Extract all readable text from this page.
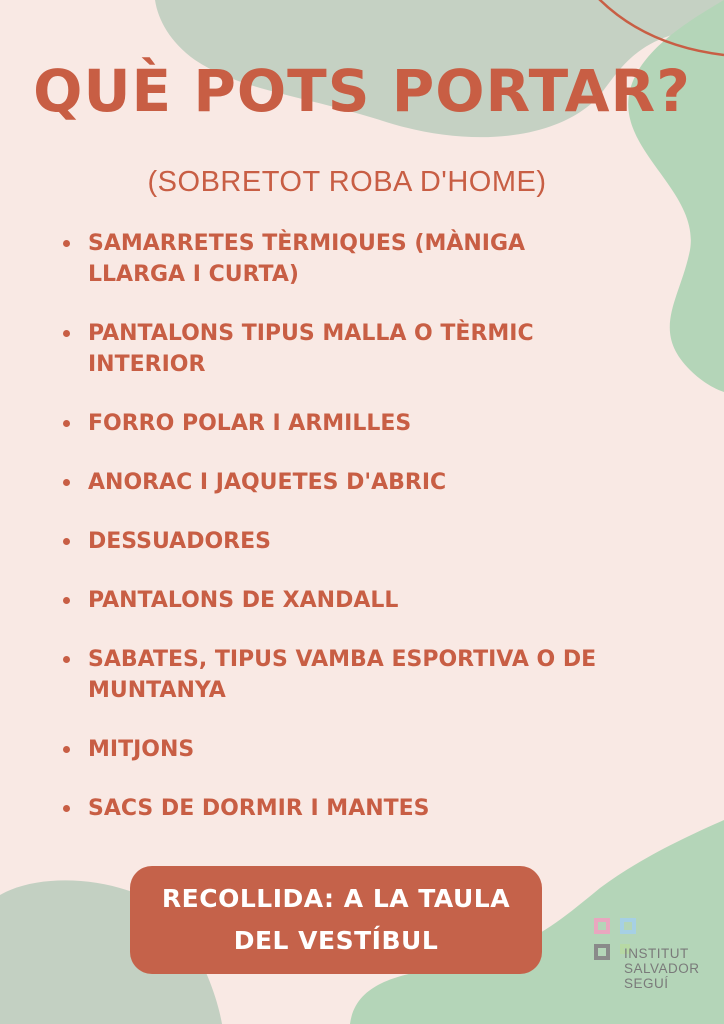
QUÈ POTS PORTAR?
(SOBRETOT ROBA D'HOME)
SAMARRETES TÈRMIQUES (MÀNIGA
LLARGA I CURTA)
PANTALONS TIPUS MALLA O TÈRMIC
INTERIOR
FORRO POLAR I ARMILLES
ANORAC I JAQUETES D'ABRIC
DESSUADORES
PANTALONS DE XANDALL
SABATES, TIPUS VAMBA ESPORTIVA O DE
MUNTANYA
MITJONS
SACS DE DORMIR I MANTES
RECOLLIDA: A LA TAULA
DEL VESTÍBUL	INSTITUT
SALVADOR
SEGUÍ
